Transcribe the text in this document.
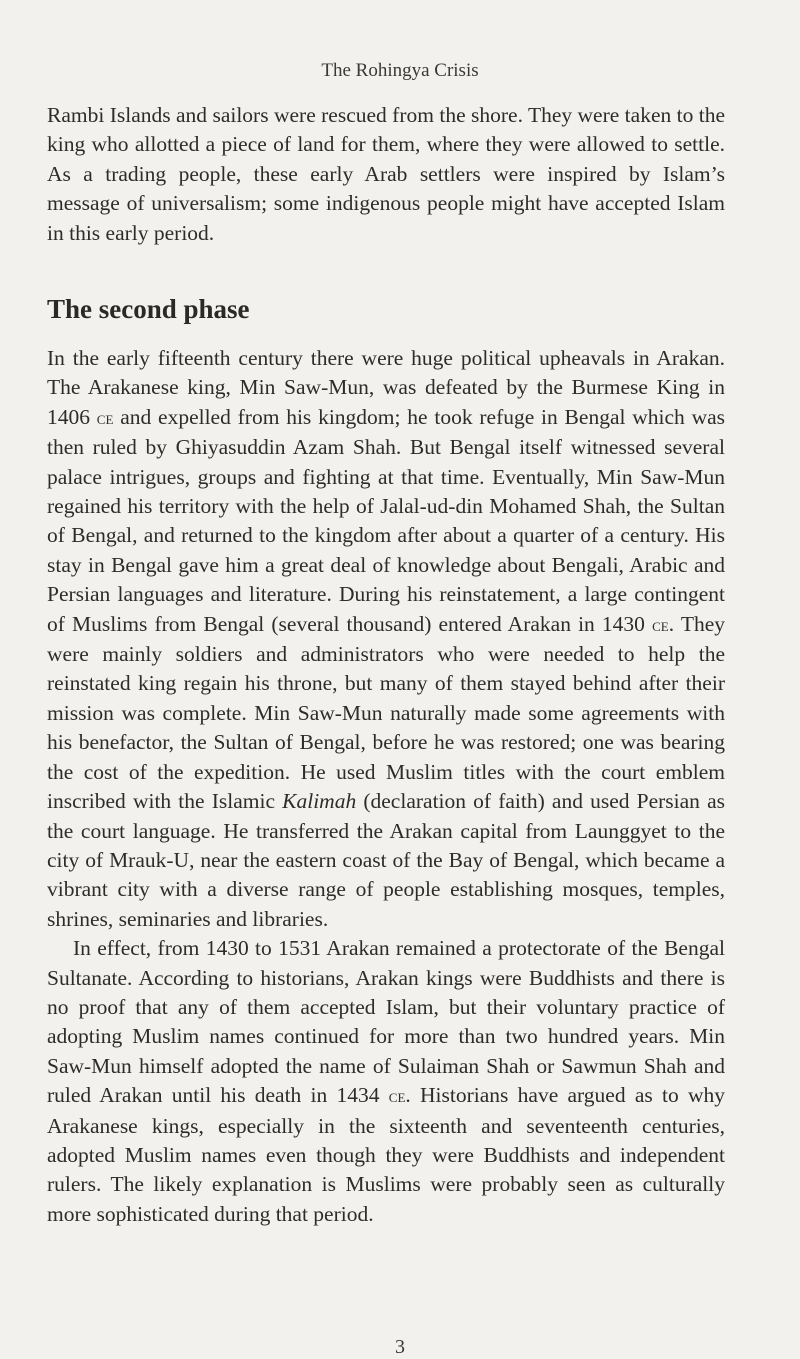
The Rohingya Crisis
Rambi Islands and sailors were rescued from the shore. They were taken to the king who allotted a piece of land for them, where they were allowed to settle. As a trading people, these early Arab settlers were inspired by Islam’s message of universalism; some indigenous people might have accepted Islam in this early period.
The second phase

In the early fifteenth century there were huge political upheavals in Arakan. The Arakanese king, Min Saw-Mun, was defeated by the Burmese King in 1406 ce and expelled from his kingdom; he took refuge in Bengal which was then ruled by Ghiyasuddin Azam Shah. But Bengal itself witnessed several palace intrigues, groups and fighting at that time. Eventually, Min Saw-Mun regained his territory with the help of Jalal-ud-din Mohamed Shah, the Sultan of Bengal, and returned to the kingdom after about a quarter of a century. His stay in Bengal gave him a great deal of knowledge about Bengali, Arabic and Persian languages and literature. During his reinstatement, a large contingent of Muslims from Bengal (several thousand) entered Arakan in 1430 ce. They were mainly soldiers and administrators who were needed to help the reinstated king regain his throne, but many of them stayed behind after their mission was complete. Min Saw-Mun naturally made some agreements with his benefactor, the Sultan of Bengal, before he was restored; one was bearing the cost of the expedition. He used Muslim titles with the court emblem inscribed with the Islamic Kalimah (declaration of faith) and used Persian as the court language. He transferred the Arakan capital from Launggyet to the city of Mrauk-U, near the eastern coast of the Bay of Bengal, which became a vibrant city with a diverse range of people establishing mosques, temples, shrines, seminaries and libraries.

In effect, from 1430 to 1531 Arakan remained a protectorate of the Bengal Sultanate. According to historians, Arakan kings were Buddhists and there is no proof that any of them accepted Islam, but their voluntary practice of adopting Muslim names continued for more than two hundred years. Min Saw-Mun himself adopted the name of Sulaiman Shah or Sawmun Shah and ruled Arakan until his death in 1434 ce. Historians have argued as to why Arakanese kings, especially in the sixteenth and seventeenth centuries, adopted Muslim names even though they were Buddhists and independent rulers. The likely explanation is Muslims were probably seen as culturally more sophisticated during that period.

3
